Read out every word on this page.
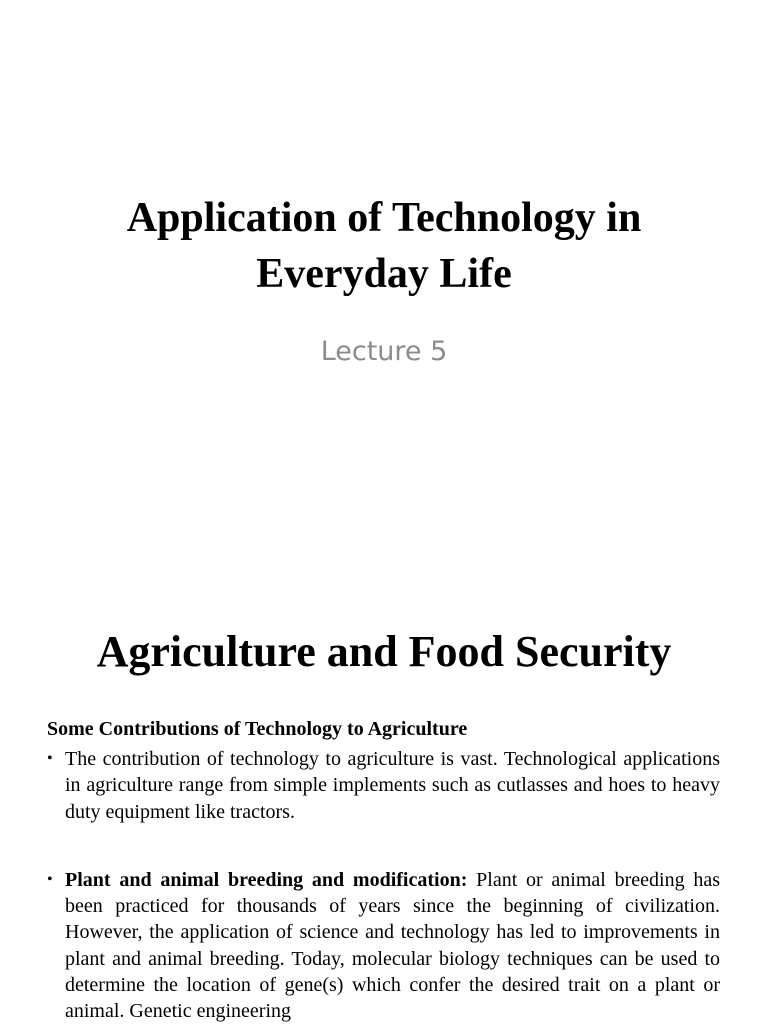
Application of Technology in Everyday Life

Lecture 5

Agriculture and Food Security

Some Contributions of Technology to Agriculture

• The contribution of technology to agriculture is vast. Technological applications in agriculture range from simple implements such as cutlasses and hoes to heavy duty equipment like tractors.
• Plant and animal breeding and modification: Plant or animal breeding has been practiced for thousands of years since the beginning of civilization. However, the application of science and technology has led to improvements in plant and animal breeding. Today, molecular biology techniques can be used to determine the location of gene(s) which confer the desired trait on a plant or animal. Genetic engineering
